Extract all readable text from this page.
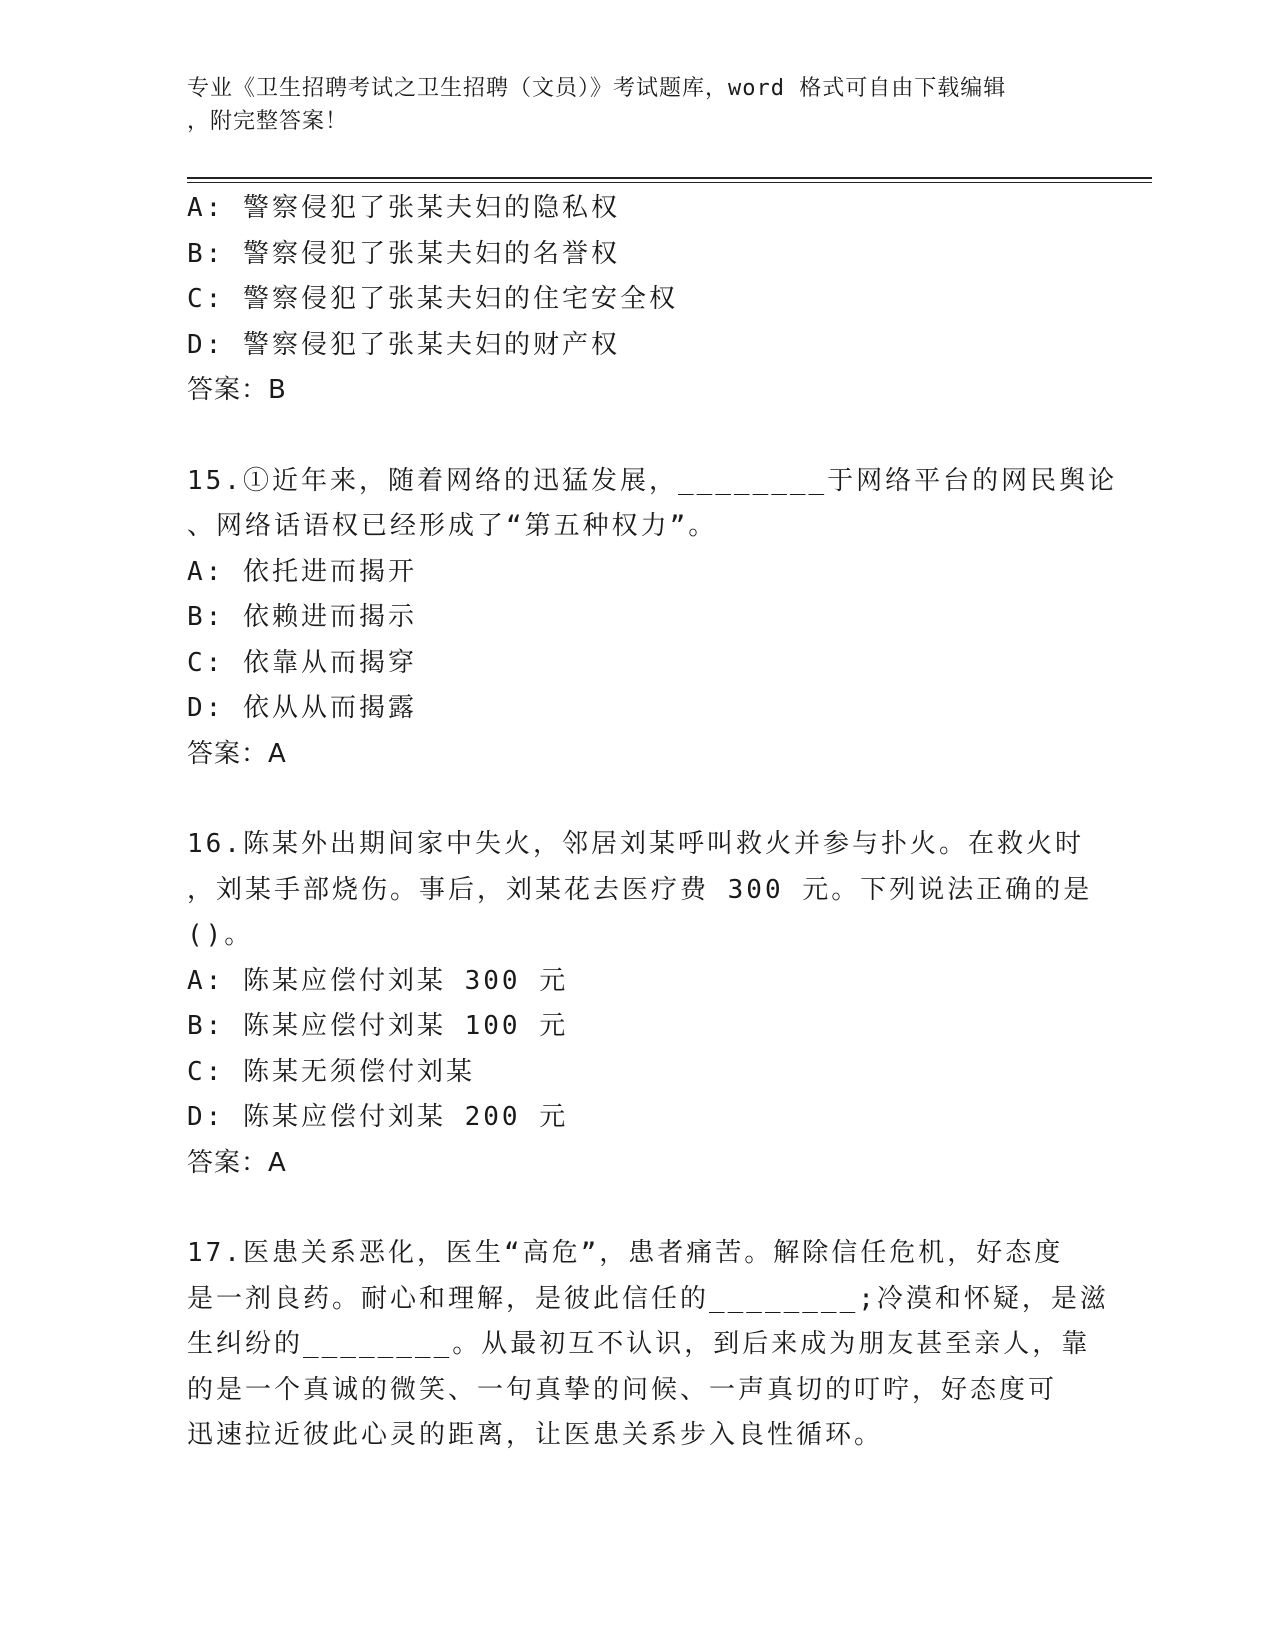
专业《卫生招聘考试之卫生招聘（文员）》考试题库，word 格式可自由下载编辑
，附完整答案！
A: 警察侵犯了张某夫妇的隐私权
B: 警察侵犯了张某夫妇的名誉权
C: 警察侵犯了张某夫妇的住宅安全权
D: 警察侵犯了张某夫妇的财产权
答案：B
15.①近年来，随着网络的迅猛发展，________于网络平台的网民舆论
、网络话语权已经形成了“第五种权力”。
A: 依托进而揭开
B: 依赖进而揭示
C: 依靠从而揭穿
D: 依从从而揭露
答案：A
16.陈某外出期间家中失火，邻居刘某呼叫救火并参与扑火。在救火时
，刘某手部烧伤。事后，刘某花去医疗费 300 元。下列说法正确的是
()。
A: 陈某应偿付刘某 300 元
B: 陈某应偿付刘某 100 元
C: 陈某无须偿付刘某
D: 陈某应偿付刘某 200 元
答案：A
17.医患关系恶化，医生“高危”，患者痛苦。解除信任危机，好态度
是一剂良药。耐心和理解，是彼此信任的________;冷漠和怀疑，是滋
生纠纷的________。从最初互不认识，到后来成为朋友甚至亲人，靠
的是一个真诚的微笑、一句真挚的问候、一声真切的叮咛，好态度可
迅速拉近彼此心灵的距离，让医患关系步入良性循环。
